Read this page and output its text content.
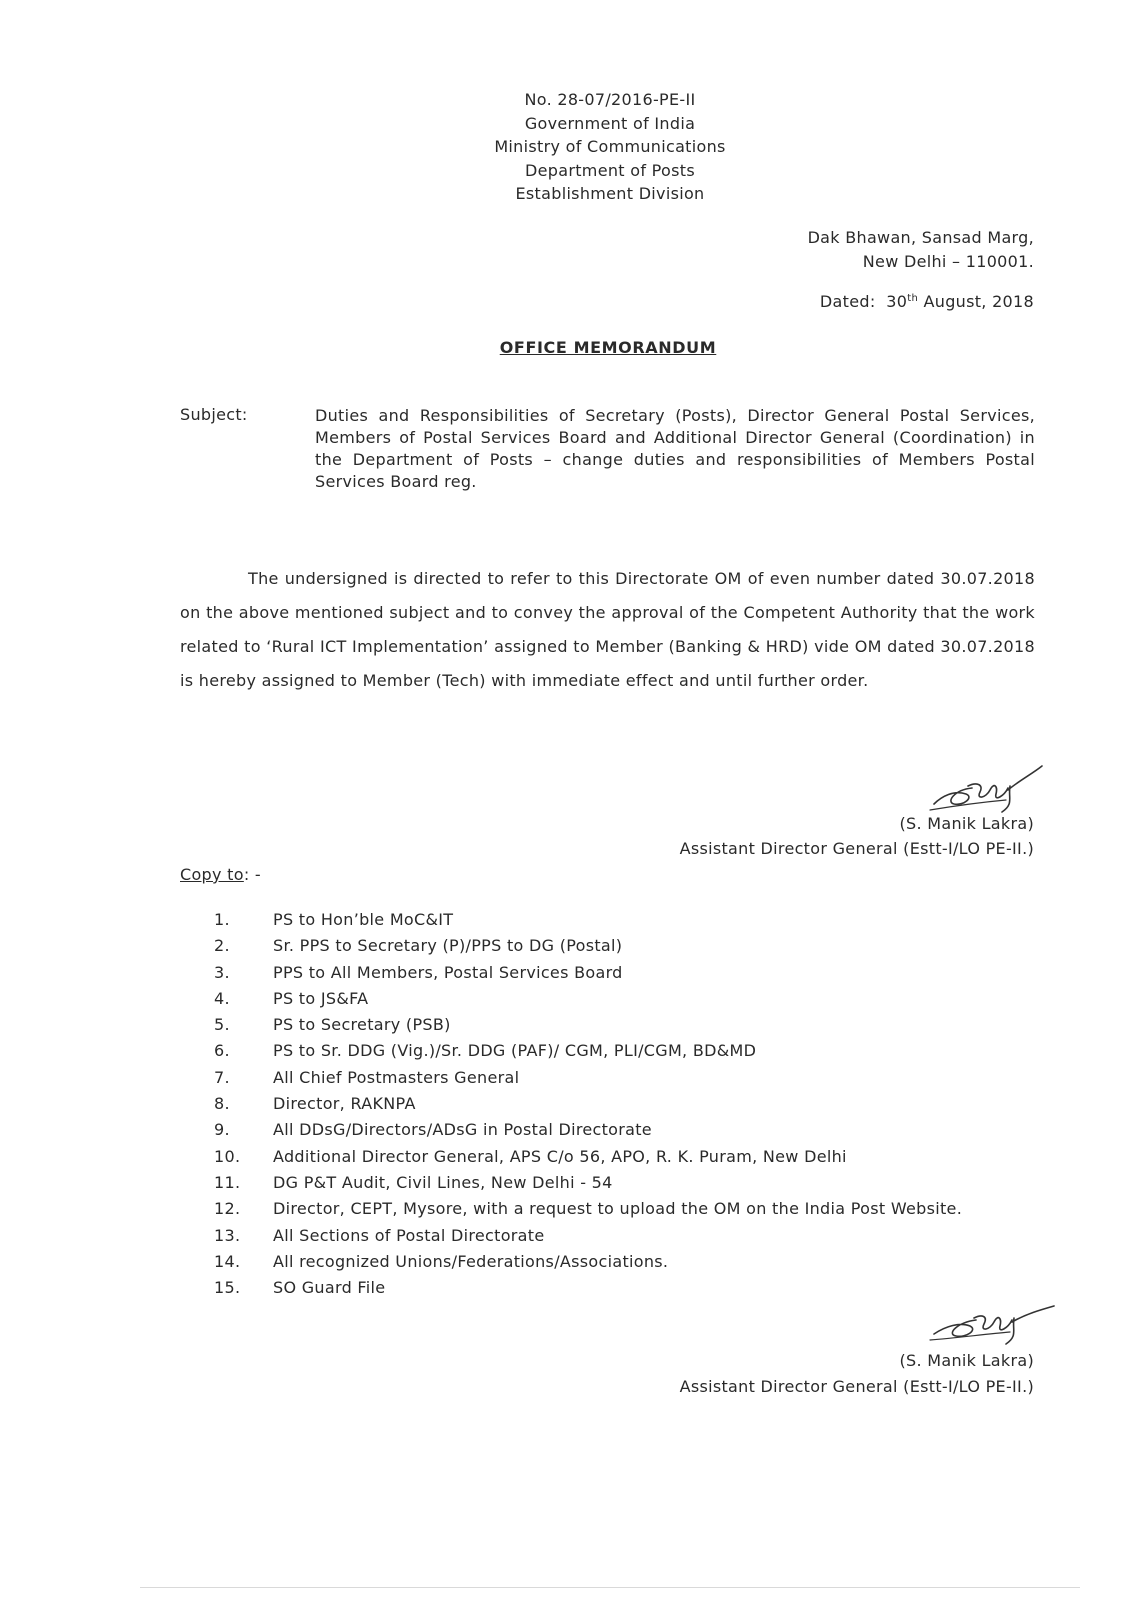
No. 28-07/2016-PE-II
Government of India
Ministry of Communications
Department of Posts
Establishment Division
Dak Bhawan, Sansad Marg,
New Delhi – 110001.
Dated: 30th August, 2018
OFFICE MEMORANDUM
Subject:	Duties and Responsibilities of Secretary (Posts), Director General Postal Services, Members of Postal Services Board and Additional Director General (Coordination) in the Department of Posts – change duties and responsibilities of Members Postal Services Board reg.
The undersigned is directed to refer to this Directorate OM of even number dated 30.07.2018 on the above mentioned subject and to convey the approval of the Competent Authority that the work related to ‘Rural ICT Implementation’ assigned to Member (Banking & HRD) vide OM dated 30.07.2018 is hereby assigned to Member (Tech) with immediate effect and until further order.
(S. Manik Lakra)
Assistant Director General (Estt-I/LO PE-II.)
Copy to: -
1.	PS to Hon’ble MoC&IT
2.	Sr. PPS to Secretary (P)/PPS to DG (Postal)
3.	PPS to All Members, Postal Services Board
4.	PS to JS&FA
5.	PS to Secretary (PSB)
6.	PS to Sr. DDG (Vig.)/Sr. DDG (PAF)/ CGM, PLI/CGM, BD&MD
7.	All Chief Postmasters General
8.	Director, RAKNPA
9.	All DDsG/Directors/ADsG in Postal Directorate
10.	Additional Director General, APS C/o 56, APO, R. K. Puram, New Delhi
11.	DG P&T Audit, Civil Lines, New Delhi - 54
12.	Director, CEPT, Mysore, with a request to upload the OM on the India Post Website.
13.	All Sections of Postal Directorate
14.	All recognized Unions/Federations/Associations.
15.	SO Guard File
(S. Manik Lakra)
Assistant Director General (Estt-I/LO PE-II.)
